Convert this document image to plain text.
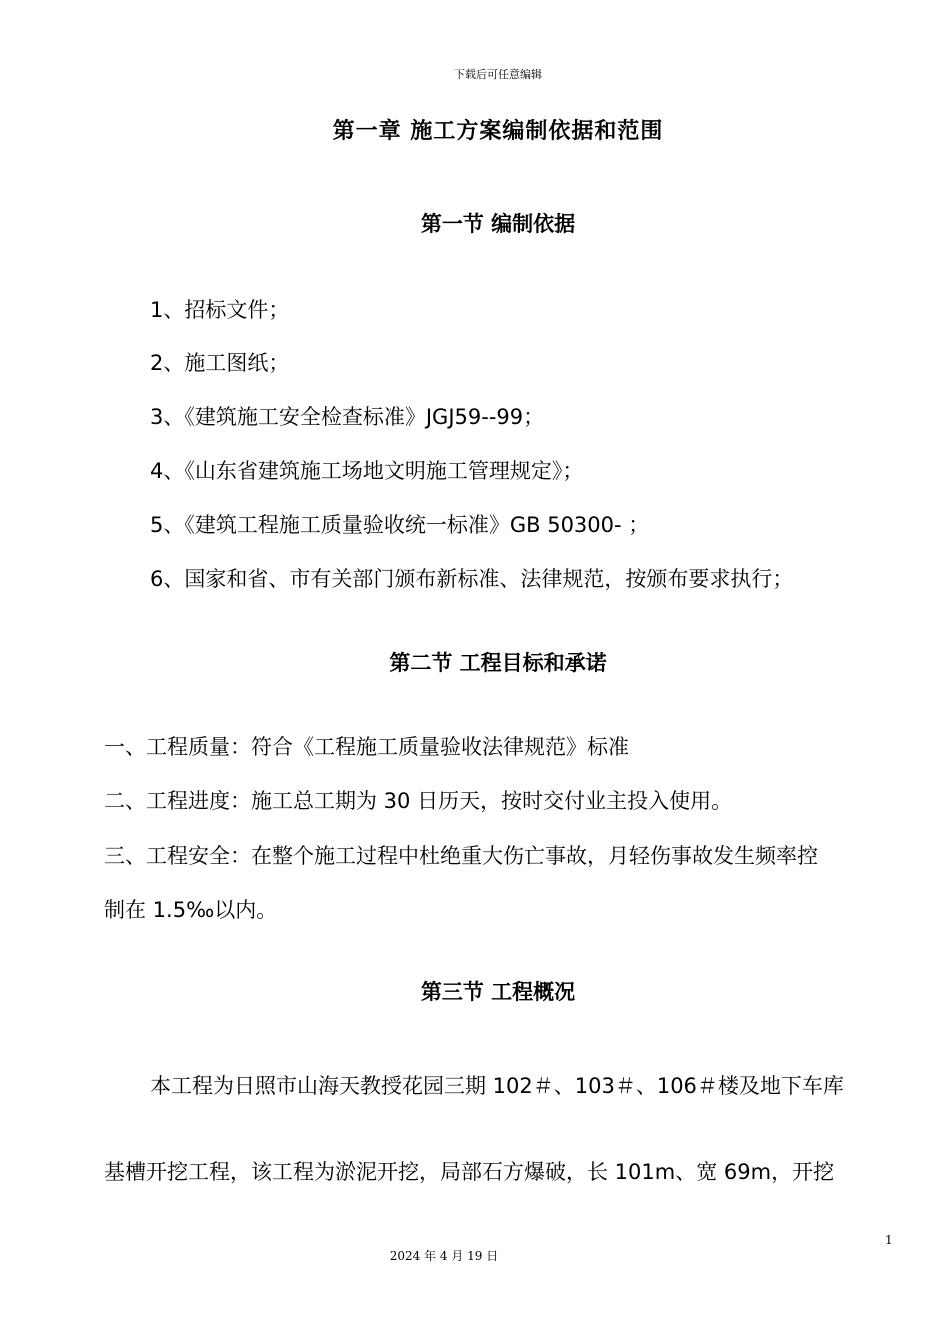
下载后可任意编辑
第一章 施工方案编制依据和范围
第一节 编制依据
1、招标文件；
2、施工图纸；
3、《建筑施工安全检查标准》JGJ59--99；
4、《山东省建筑施工场地文明施工管理规定》；
5、《建筑工程施工质量验收统一标准》GB 50300- ；
6、国家和省、市有关部门颁布新标准、法律规范，按颁布要求执行；
第二节 工程目标和承诺
一、工程质量：符合《工程施工质量验收法律规范》标准
二、工程进度：施工总工期为 30 日历天，按时交付业主投入使用。
三、工程安全：在整个施工过程中杜绝重大伤亡事故，月轻伤事故发生频率控
制在 1.5‰以内。
第三节 工程概况
本工程为日照市山海天教授花园三期 102＃、103＃、106＃楼及地下车库
基槽开挖工程，该工程为淤泥开挖，局部石方爆破，长 101m、宽 69m，开挖
1
2024 年 4 月 19 日
